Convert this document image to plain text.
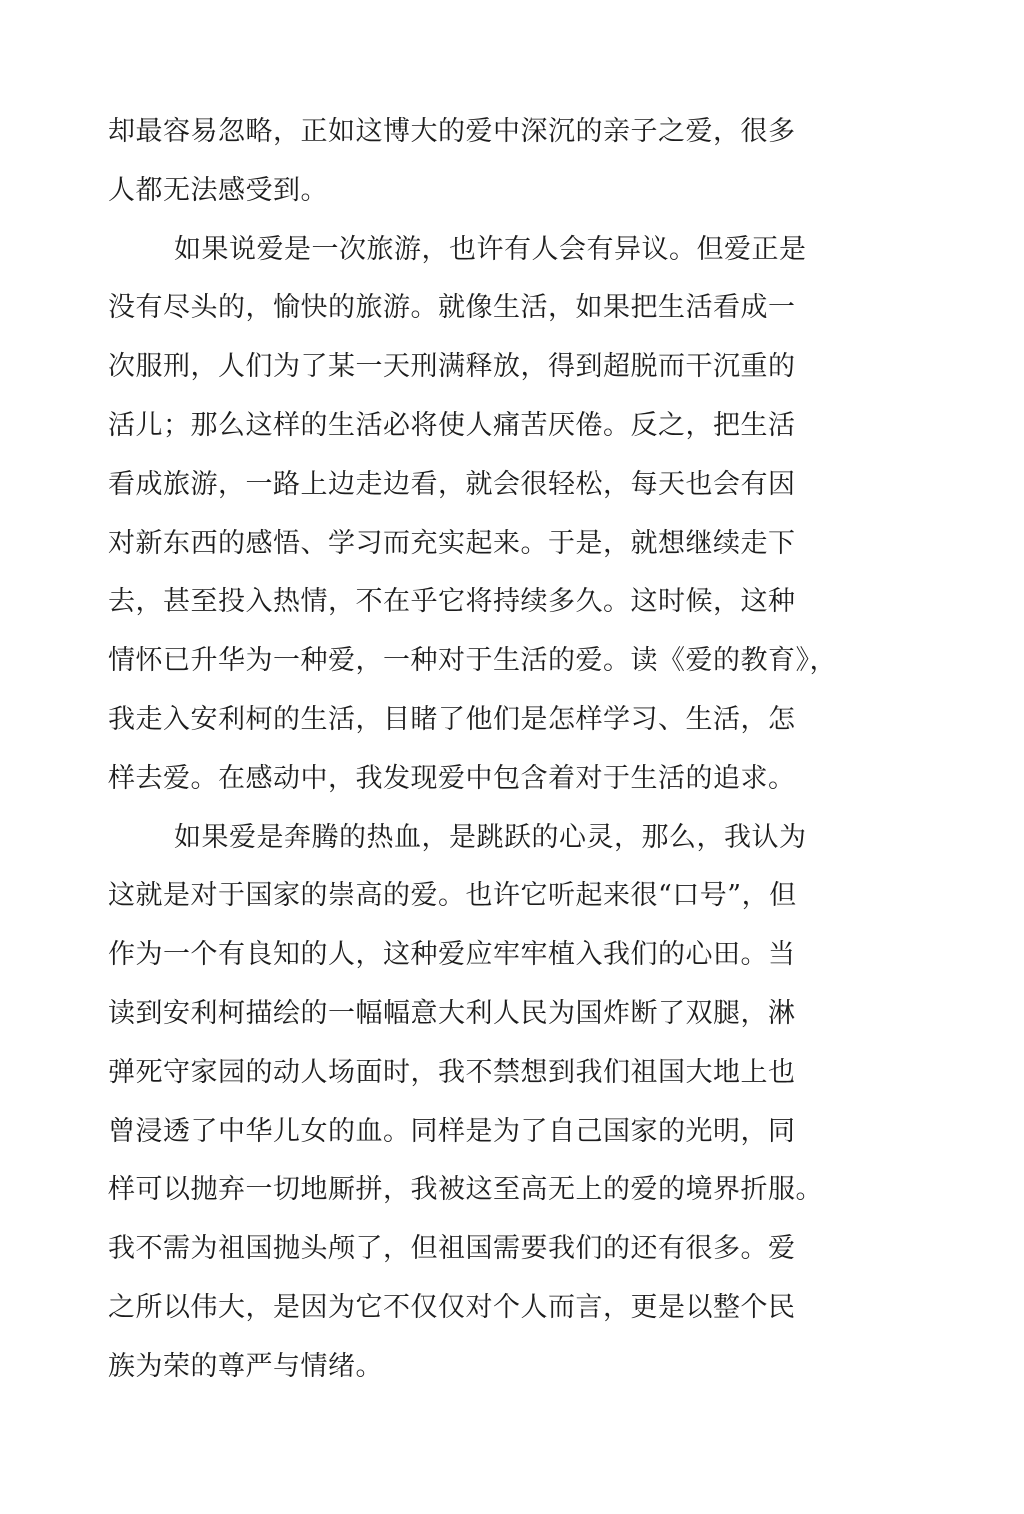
却最容易忽略，正如这博大的爱中深沉的亲子之爱，很多
人都无法感受到。
如果说爱是一次旅游，也许有人会有异议。但爱正是
没有尽头的，愉快的旅游。就像生活，如果把生活看成一
次服刑，人们为了某一天刑满释放，得到超脱而干沉重的
活儿；那么这样的生活必将使人痛苦厌倦。反之，把生活
看成旅游，一路上边走边看，就会很轻松，每天也会有因
对新东西的感悟、学习而充实起来。于是，就想继续走下
去，甚至投入热情，不在乎它将持续多久。这时候，这种
情怀已升华为一种爱，一种对于生活的爱。读《爱的教育》，
我走入安利柯的生活，目睹了他们是怎样学习、生活，怎
样去爱。在感动中，我发现爱中包含着对于生活的追求。
如果爱是奔腾的热血，是跳跃的心灵，那么，我认为
这就是对于国家的崇高的爱。也许它听起来很“口号”，但
作为一个有良知的人，这种爱应牢牢植入我们的心田。当
读到安利柯描绘的一幅幅意大利人民为国炸断了双腿，淋
弹死守家园的动人场面时，我不禁想到我们祖国大地上也
曾浸透了中华儿女的血。同样是为了自己国家的光明，同
样可以抛弃一切地厮拼，我被这至高无上的爱的境界折服。
我不需为祖国抛头颅了，但祖国需要我们的还有很多。爱
之所以伟大，是因为它不仅仅对个人而言，更是以整个民
族为荣的尊严与情绪。
